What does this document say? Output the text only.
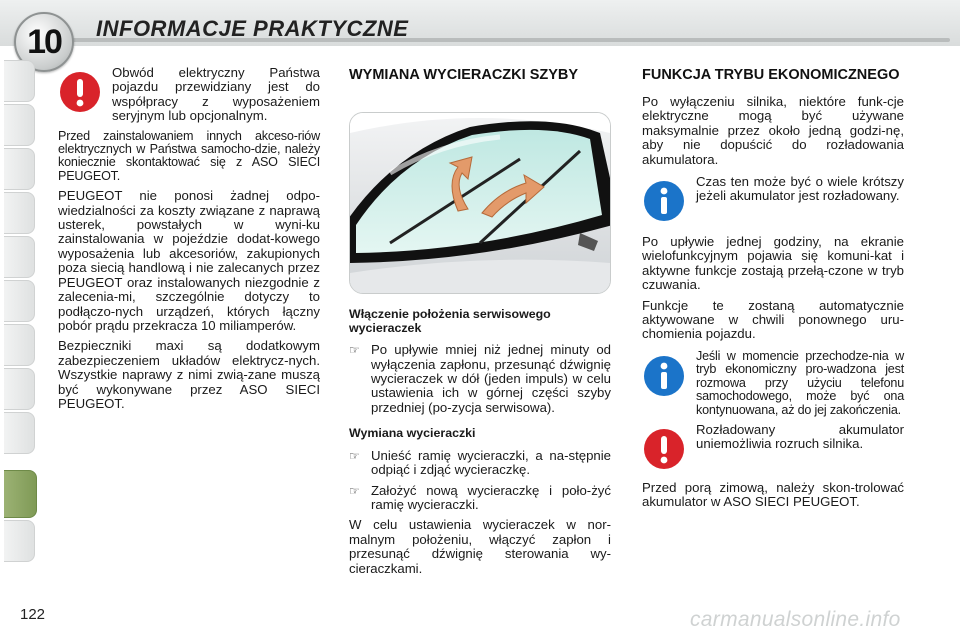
10	INFORMACJE PRAKTYCZNE

Obwód elektryczny Państwa pojazdu przewidziany jest do współpracy z wyposażeniem seryjnym lub opcjonalnym.

Przed zainstalowaniem innych akceso-riów elektrycznych w Państwa samocho-dzie, należy koniecznie skontaktować się z ASO SIECI PEUGEOT.

PEUGEOT nie ponosi żadnej odpo-wiedzialności za koszty związane z naprawą usterek, powstałych w wyni-ku zainstalowania w pojeździe dodat-kowego wyposażenia lub akcesoriów, zakupionych poza siecią handlową i nie zalecanych przez PEUGEOT oraz instalowanych niezgodnie z zalecenia-mi, szczególnie dotyczy to podłączo-nych urządzeń, których łączny pobór prądu przekracza 10 miliamperów.

Bezpieczniki maxi są dodatkowym zabezpieczeniem układów elektrycz-nych. Wszystkie naprawy z nimi zwią-zane muszą być wykonywane przez ASO SIECI PEUGEOT.

WYMIANA WYCIERACZKI SZYBY
Włączenie położenia serwisowego wycieraczek
☞ Po upływie mniej niż jednej minuty od wyłączenia zapłonu, przesunąć dźwignię wycieraczek w dół (jeden impuls) w celu ustawienia ich w górnej części szyby przedniej (po-zycja serwisowa).
Wymiana wycieraczki
☞ Unieść ramię wycieraczki, a na-stępnie odpiąć i zdjąć wycieraczkę.
☞ Założyć nową wycieraczkę i poło-żyć ramię wycieraczki.

W celu ustawienia wycieraczek w nor-malnym położeniu, włączyć zapłon i przesunąć dźwignię sterowania wy-cieraczkami.

FUNKCJA TRYBU EKONOMICZNEGO

Po wyłączeniu silnika, niektóre funk-cje elektryczne mogą być używane maksymalnie przez około jedną godzi-nę, aby nie dopuścić do rozładowania akumulatora.

Czas ten może być o wiele krótszy jeżeli akumulator jest rozładowany.

Po upływie jednej godziny, na ekranie wielofunkcyjnym pojawia się komuni-kat i aktywne funkcje zostają przełą-czone w tryb czuwania.

Funkcje te zostaną automatycznie aktywowane w chwili ponownego uru-chomienia pojazdu.

Jeśli w momencie przechodze-nia w tryb ekonomiczny pro-wadzona jest rozmowa przy użyciu telefonu samochodowego, może być ona kontynuowana, aż do jej zakończenia.

Rozładowany akumulator uniemożliwia rozruch silnika.

Przed porą zimową, należy skon-trolować akumulator w ASO SIECI PEUGEOT.

122	carmanualsonline.info
